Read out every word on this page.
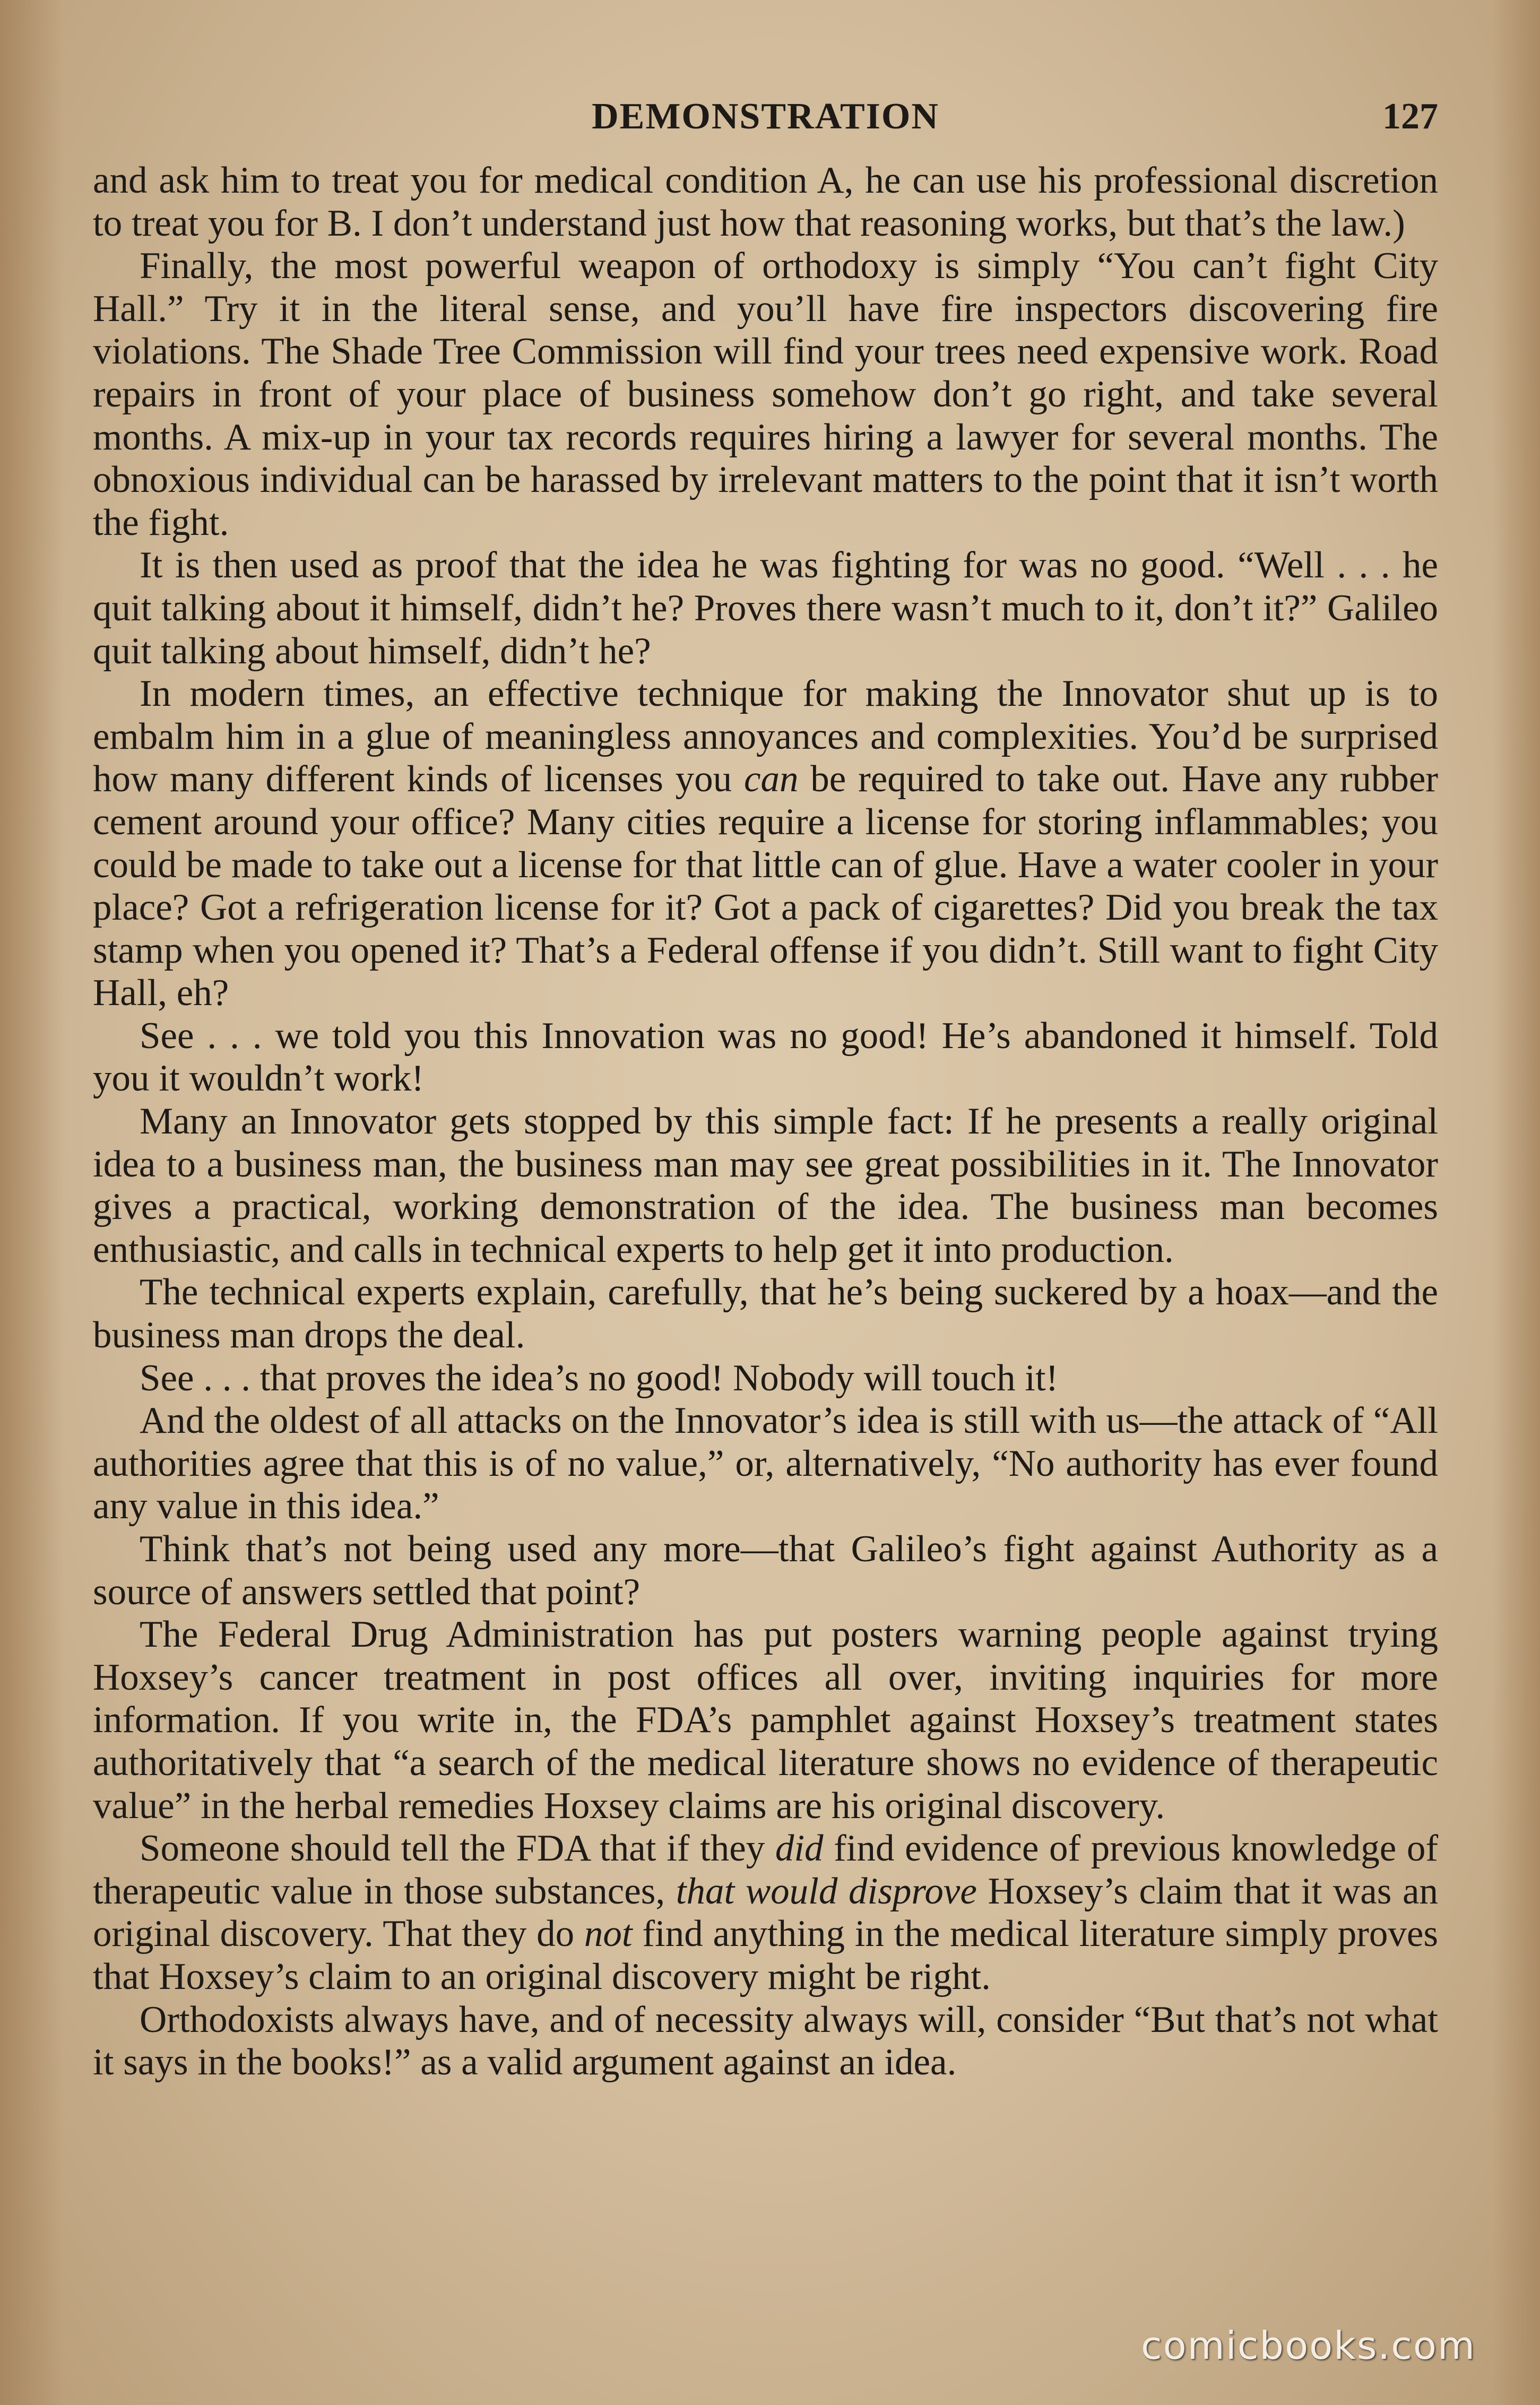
DEMONSTRATION	127

and ask him to treat you for medical condition A, he can use his professional discretion to treat you for B. I don’t understand just how that reasoning works, but that’s the law.)

Finally, the most powerful weapon of orthodoxy is simply “You can’t fight City Hall.” Try it in the literal sense, and you’ll have fire inspectors discovering fire violations. The Shade Tree Commission will find your trees need expensive work. Road repairs in front of your place of business somehow don’t go right, and take several months. A mix-up in your tax records requires hiring a lawyer for several months. The obnoxious individual can be harassed by irrelevant matters to the point that it isn’t worth the fight.

It is then used as proof that the idea he was fighting for was no good. “Well . . . he quit talking about it himself, didn’t he? Proves there wasn’t much to it, don’t it?” Galileo quit talking about himself, didn’t he?

In modern times, an effective technique for making the Innovator shut up is to embalm him in a glue of meaningless annoyances and complexities. You’d be surprised how many different kinds of licenses you can be required to take out. Have any rubber cement around your office? Many cities require a license for storing inflammables; you could be made to take out a license for that little can of glue. Have a water cooler in your place? Got a refrigeration license for it? Got a pack of cigarettes? Did you break the tax stamp when you opened it? That’s a Federal offense if you didn’t. Still want to fight City Hall, eh?

See . . . we told you this Innovation was no good! He’s abandoned it himself. Told you it wouldn’t work!

Many an Innovator gets stopped by this simple fact: If he presents a really original idea to a business man, the business man may see great possibilities in it. The Innovator gives a practical, working demonstration of the idea. The business man becomes enthusiastic, and calls in technical experts to help get it into production.

The technical experts explain, carefully, that he’s being suckered by a hoax—and the business man drops the deal.

See . . . that proves the idea’s no good! Nobody will touch it!

And the oldest of all attacks on the Innovator’s idea is still with us—the attack of “All authorities agree that this is of no value,” or, alternatively, “No authority has ever found any value in this idea.”

Think that’s not being used any more—that Galileo’s fight against Authority as a source of answers settled that point?

The Federal Drug Administration has put posters warning people against trying Hoxsey’s cancer treatment in post offices all over, inviting inquiries for more information. If you write in, the FDA’s pamphlet against Hoxsey’s treatment states authoritatively that “a search of the medical literature shows no evidence of therapeutic value” in the herbal remedies Hoxsey claims are his original discovery.

Someone should tell the FDA that if they did find evidence of previous knowledge of therapeutic value in those substances, that would disprove Hoxsey’s claim that it was an original discovery. That they do not find anything in the medical literature simply proves that Hoxsey’s claim to an original discovery might be right.

Orthodoxists always have, and of necessity always will, consider “But that’s not what it says in the books!” as a valid argument against an idea.

comicbooks.com
